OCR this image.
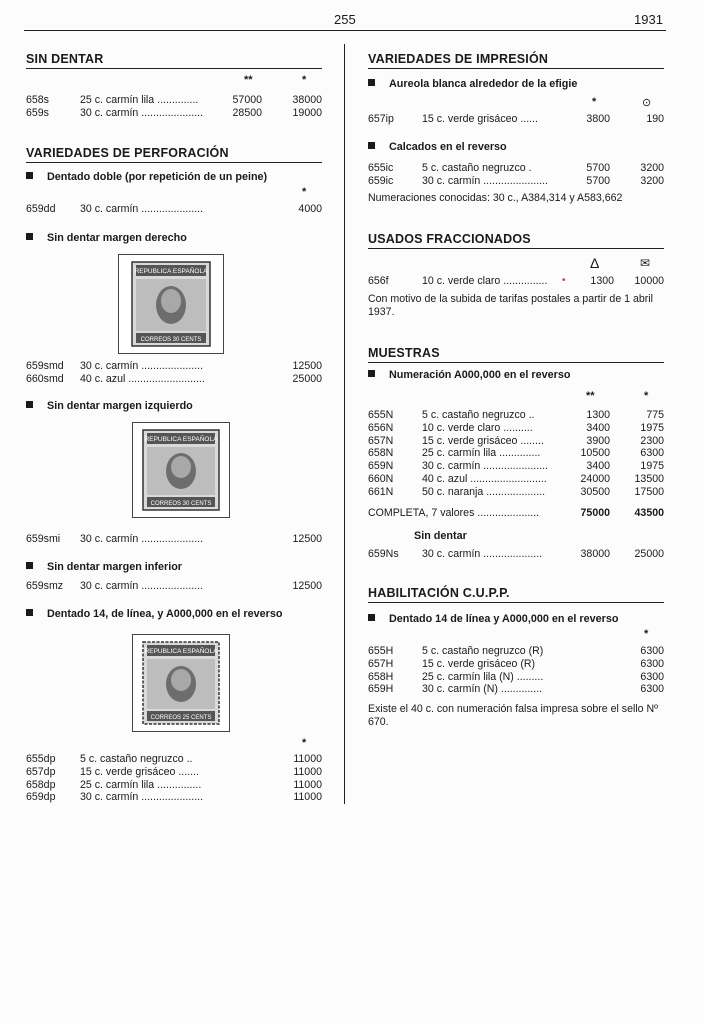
255	1931
SIN DENTAR
**	*
658s	25 c. carmín lila ..............	57000	38000
659s	30 c. carmín .....................	28500	19000
VARIEDADES DE PERFORACIÓN
Dentado doble (por repetición de un peine)
*
659dd 30 c. carmín .....................	4000
Sin dentar margen derecho
REPUBLICA ESPAÑOLA
CORREOS 30 CENTS
659smd 30 c. carmín .....................	12500
660smd 40 c. azul ..........................	25000
Sin dentar margen izquierdo
REPUBLICA ESPAÑOLA
CORREOS 30 CENTS
659smi 30 c. carmín .....................	12500
Sin dentar margen inferior
659smz 30 c. carmín .....................	12500
Dentado 14, de línea, y A000,000 en el reverso
REPUBLICA ESPAÑOLA
CORREOS 25 CENTS
*
655dp 5 c. castaño negruzco ..	11000
657dp 15 c. verde grisáceo .......	11000
658dp 25 c. carmín lila ...............	11000
659dp 30 c. carmín .....................	11000
VARIEDADES DE IMPRESIÓN
Aureola blanca alrededor de la efigie
*	⊙
657ip	15 c. verde grisáceo ......	3800	190
Calcados en el reverso
655ic	5 c. castaño negruzco .	5700	3200
659ic	30 c. carmín ......................	5700	3200
Numeraciones conocidas: 30 c., A384,314 y A583,662
USADOS FRACCIONADOS
Δ	✉
656f	10 c. verde claro ...............	•	1300	10000
Con motivo de la subida de tarifas postales a partir de 1 abril 1937.
MUESTRAS
Numeración A000,000 en el reverso
**	*
655N	5 c. castaño negruzco ..	1300	775
656N	10 c. verde claro ..........	3400	1975
657N	15 c. verde grisáceo ........	3900	2300
658N	25 c. carmín lila ..............	10500	6300
659N	30 c. carmín ......................	3400	1975
660N	40 c. azul ..........................	24000	13500
661N	50 c. naranja ....................	30500	17500
COMPLETA, 7 valores .....................	75000	43500
Sin dentar
659Ns 30 c. carmín ....................	38000	25000
HABILITACIÓN C.U.P.P.
Dentado 14 de línea y A000,000 en el reverso
*
655H	5 c. castaño negruzco (R)	6300
657H	15 c. verde grisáceo (R)	6300
658H	25 c. carmín lila (N) .........	6300
659H	30 c. carmín (N) ..............	6300
Existe el 40 c. con numeración falsa impresa sobre el sello Nº 670.
